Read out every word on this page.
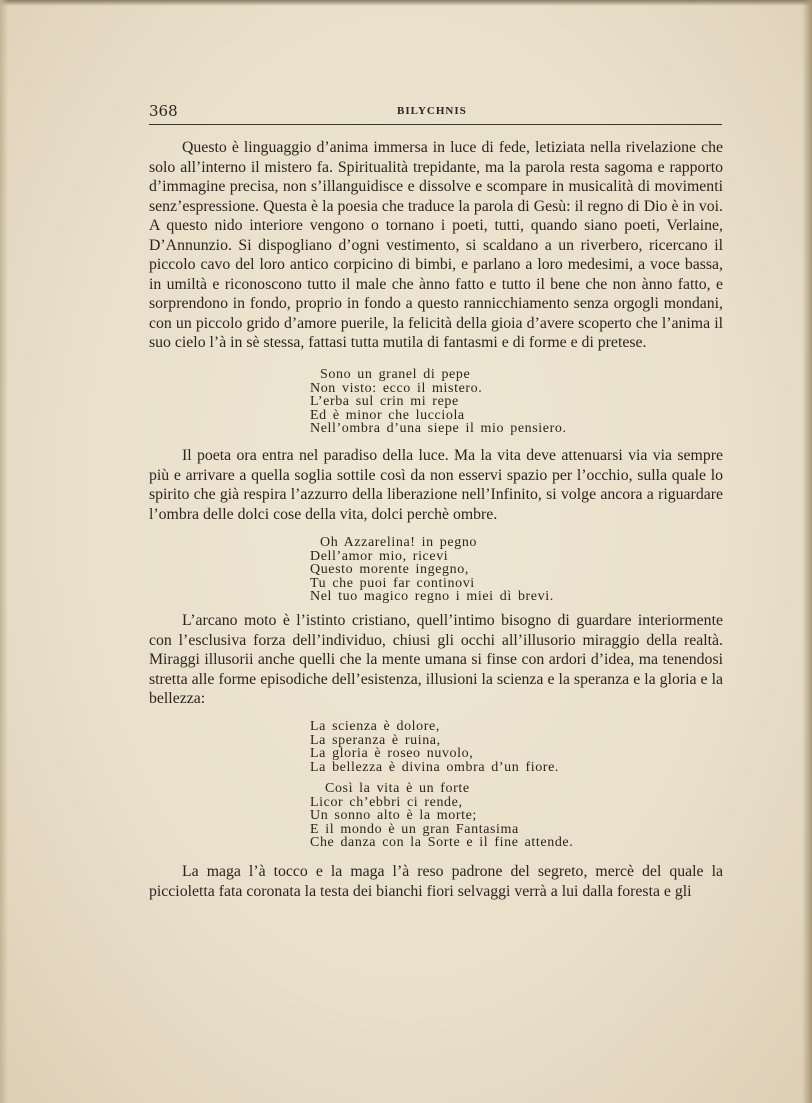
368	BILYCHNIS

Questo è linguaggio d’anima immersa in luce di fede, letiziata nella rivelazione che solo all’interno il mistero fa. Spiritualità trepidante, ma la parola resta sagoma e rapporto d’immagine precisa, non s’illanguidisce e dissolve e scompare in musicalità di movimenti senz’espressione. Questa è la poesia che traduce la parola di Gesù: il regno di Dio è in voi. A questo nido interiore vengono o tornano i poeti, tutti, quando siano poeti, Verlaine, D’Annunzio. Si dispogliano d’ogni vestimento, si scaldano a un riverbero, ricercano il piccolo cavo del loro antico corpicino di bimbi, e parlano a loro medesimi, a voce bassa, in umiltà e riconoscono tutto il male che ànno fatto e tutto il bene che non ànno fatto, e sorprendono in fondo, proprio in fondo a questo rannicchiamento senza orgogli mondani, con un piccolo grido d’amore puerile, la felicità della gioia d’avere scoperto che l’anima il suo cielo l’à in sè stessa, fattasi tutta mutila di fantasmi e di forme e di pretese.

Sono un granel di pepe
Non visto: ecco il mistero.
L’erba sul crin mi repe
Ed è minor che lucciola
Nell’ombra d’una siepe il mio pensiero.

Il poeta ora entra nel paradiso della luce. Ma la vita deve attenuarsi via via sempre più e arrivare a quella soglia sottile così da non esservi spazio per l’occhio, sulla quale lo spirito che già respira l’azzurro della liberazione nell’Infinito, si volge ancora a riguardare l’ombra delle dolci cose della vita, dolci perchè ombre.

Oh Azzarelina! in pegno
Dell’amor mio, ricevi
Questo morente ingegno,
Tu che puoi far continovi
Nel tuo magico regno i miei dì brevi.

L’arcano moto è l’istinto cristiano, quell’intimo bisogno di guardare interiormente con l’esclusiva forza dell’individuo, chiusi gli occhi all’illusorio miraggio della realtà. Miraggi illusorii anche quelli che la mente umana si finse con ardori d’idea, ma tenendosi stretta alle forme episodiche dell’esistenza, illusioni la scienza e la speranza e la gloria e la bellezza:

La scienza è dolore,
La speranza è ruina,
La gloria è roseo nuvolo,
La bellezza è divina ombra d’un fiore.
Così la vita è un forte
Licor ch’ebbri ci rende,
Un sonno alto è la morte;
E il mondo è un gran Fantasima
Che danza con la Sorte e il fine attende.

La maga l’à tocco e la maga l’à reso padrone del segreto, mercè del quale la piccioletta fata coronata la testa dei bianchi fiori selvaggi verrà a lui dalla foresta e gli
